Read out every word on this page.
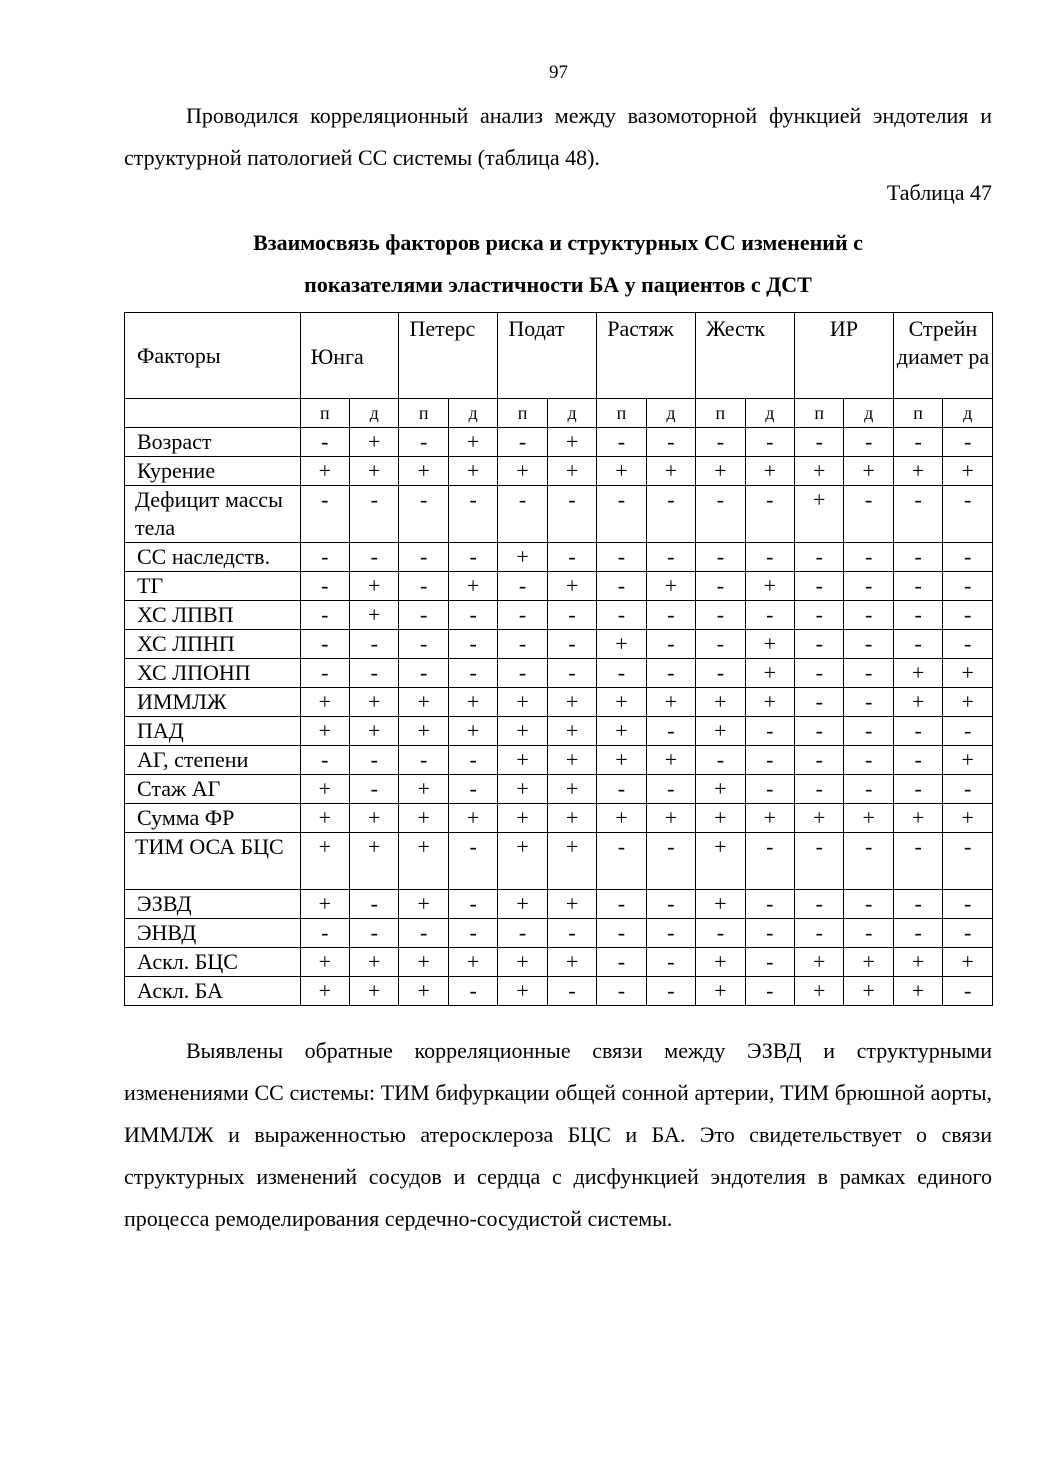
97

Проводился корреляционный анализ между вазомоторной функцией эндотелия и структурной патологией СС системы (таблица 48).

Таблица 47
Взаимосвязь факторов риска и структурных СС изменений с
показателями эластичности БА у пациентов с ДСТ
Факторы	Юнга		Петерс		Подат		Растяж		Жестк		ИР		Стрейн диамет ра	
	п	д	п	д	п	д	п	д	п	д	п	д	п	д
Возраст	-	+	-	+	-	+	-	-	-	-	-	-	-	-
Курение	+	+	+	+	+	+	+	+	+	+	+	+	+	+
Дефицит массы тела	-	-	-	-	-	-	-	-	-	-	+	-	-	-
СС наследств.	-	-	-	-	+	-	-	-	-	-	-	-	-	-
ТГ	-	+	-	+	-	+	-	+	-	+	-	-	-	-
ХС ЛПВП	-	+	-	-	-	-	-	-	-	-	-	-	-	-
ХС ЛПНП	-	-	-	-	-	-	+	-	-	+	-	-	-	-
ХС ЛПОНП	-	-	-	-	-	-	-	-	-	+	-	-	+	+
ИММЛЖ	+	+	+	+	+	+	+	+	+	+	-	-	+	+
ПАД	+	+	+	+	+	+	+	-	+	-	-	-	-	-
АГ, степени	-	-	-	-	+	+	+	+	-	-	-	-	-	+
Стаж АГ	+	-	+	-	+	+	-	-	+	-	-	-	-	-
Сумма ФР	+	+	+	+	+	+	+	+	+	+	+	+	+	+
ТИМ ОСА БЦС	+	+	+	-	+	+	-	-	+	-	-	-	-	-
ЭЗВД	+	-	+	-	+	+	-	-	+	-	-	-	-	-
ЭНВД	-	-	-	-	-	-	-	-	-	-	-	-	-	-
Аскл. БЦС	+	+	+	+	+	+	-	-	+	-	+	+	+	+
Аскл. БА	+	+	+	-	+	-	-	-	+	-	+	+	+	-

Выявлены обратные корреляционные связи между ЭЗВД и структурными изменениями СС системы: ТИМ бифуркации общей сонной артерии, ТИМ брюшной аорты, ИММЛЖ и выраженностью атеросклероза БЦС и БА. Это свидетельствует о связи структурных изменений сосудов и сердца с дисфункцией эндотелия в рамках единого процесса ремоделирования сердечно-сосудистой системы.
